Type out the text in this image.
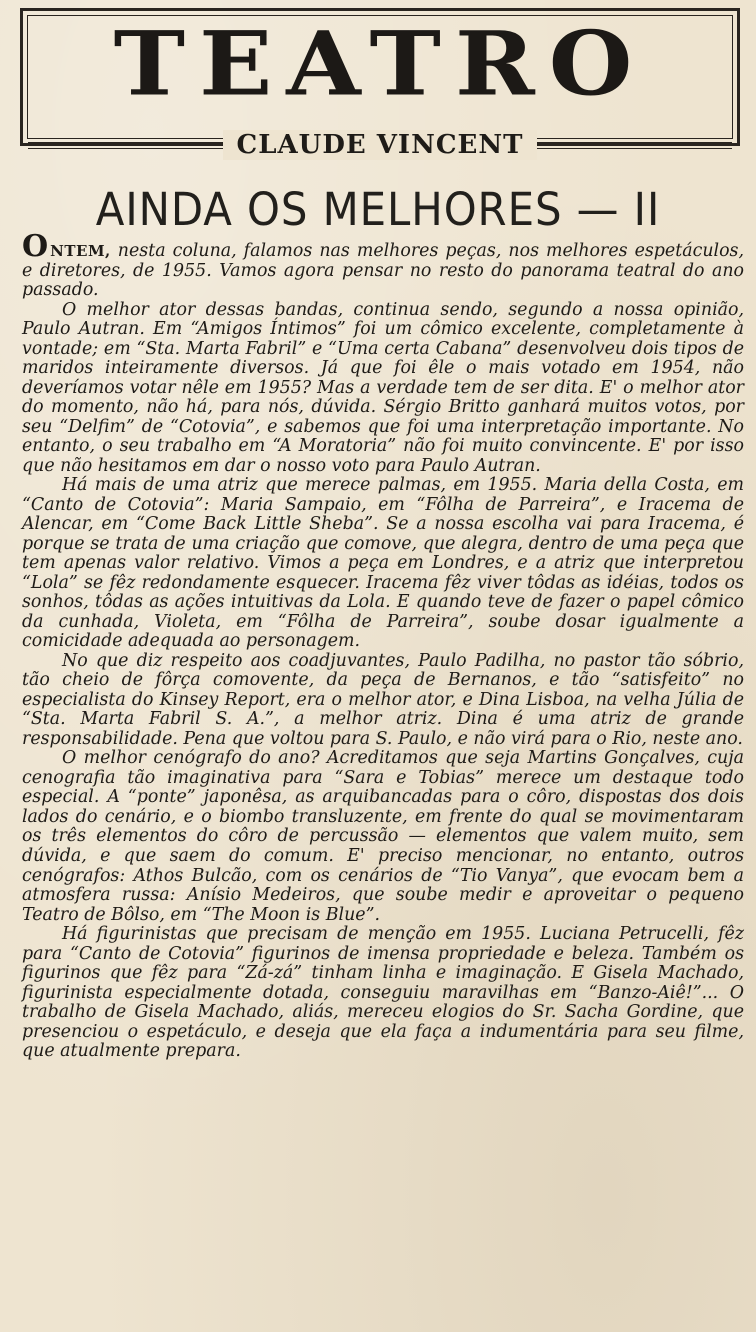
TEATRO
CLAUDE VINCENT
AINDA OS MELHORES — II

ONTEM, nesta coluna, falamos nas melhores peças, nos melhores espetáculos, e diretores, de 1955. Vamos agora pensar no resto do panorama teatral do ano passado.

O melhor ator dessas bandas, continua sendo, segundo a nossa opinião, Paulo Autran. Em “Amigos Íntimos” foi um cômico excelente, completamente à vontade; em “Sta. Marta Fabril” e “Uma certa Cabana” desenvolveu dois tipos de maridos inteiramente diversos. Já que foi êle o mais votado em 1954, não deveríamos votar nêle em 1955? Mas a verdade tem de ser dita. E' o melhor ator do momento, não há, para nós, dúvida. Sérgio Britto ganhará muitos votos, por seu “Delfim” de “Cotovia”, e sabemos que foi uma interpretação importante. No entanto, o seu trabalho em “A Moratoria” não foi muito convincente. E' por isso que não hesitamos em dar o nosso voto para Paulo Autran.

Há mais de uma atriz que merece palmas, em 1955. Maria della Costa, em “Canto de Cotovia”: Maria Sampaio, em “Fôlha de Parreira”, e Iracema de Alencar, em “Come Back Little Sheba”. Se a nossa escolha vai para Iracema, é porque se trata de uma criação que comove, que alegra, dentro de uma peça que tem apenas valor relativo. Vimos a peça em Londres, e a atriz que interpretou “Lola” se fêz redondamente esquecer. Iracema fêz viver tôdas as idéias, todos os sonhos, tôdas as ações intuitivas da Lola. E quando teve de fazer o papel cômico da cunhada, Violeta, em “Fôlha de Parreira”, soube dosar igualmente a comicidade adequada ao personagem.

No que diz respeito aos coadjuvantes, Paulo Padilha, no pastor tão sóbrio, tão cheio de fôrça comovente, da peça de Bernanos, e tão “satisfeito” no especialista do Kinsey Report, era o melhor ator, e Dina Lisboa, na velha Júlia de “Sta. Marta Fabril S. A.”, a melhor atriz. Dina é uma atriz de grande responsabilidade. Pena que voltou para S. Paulo, e não virá para o Rio, neste ano.

O melhor cenógrafo do ano? Acreditamos que seja Martins Gonçalves, cuja cenografia tão imaginativa para “Sara e Tobias” merece um destaque todo especial. A “ponte” japonêsa, as arquibancadas para o côro, dispostas dos dois lados do cenário, e o biombo transluzente, em frente do qual se movimentaram os três elementos do côro de percussão — elementos que valem muito, sem dúvida, e que saem do comum. E' preciso mencionar, no entanto, outros cenógrafos: Athos Bulcão, com os cenários de “Tio Vanya”, que evocam bem a atmosfera russa: Anísio Medeiros, que soube medir e aproveitar o pequeno Teatro de Bôlso, em “The Moon is Blue”.

Há figurinistas que precisam de menção em 1955. Luciana Petrucelli, fêz para “Canto de Cotovia” figurinos de imensa propriedade e beleza. Também os figurinos que fêz para “Zá-zá” tinham linha e imaginação. E Gisela Machado, figurinista especialmente dotada, conseguiu maravilhas em “Banzo-Aiê!”... O trabalho de Gisela Machado, aliás, mereceu elogios do Sr. Sacha Gordine, que presenciou o espetáculo, e deseja que ela faça a indumentária para seu filme, que atualmente prepara.
